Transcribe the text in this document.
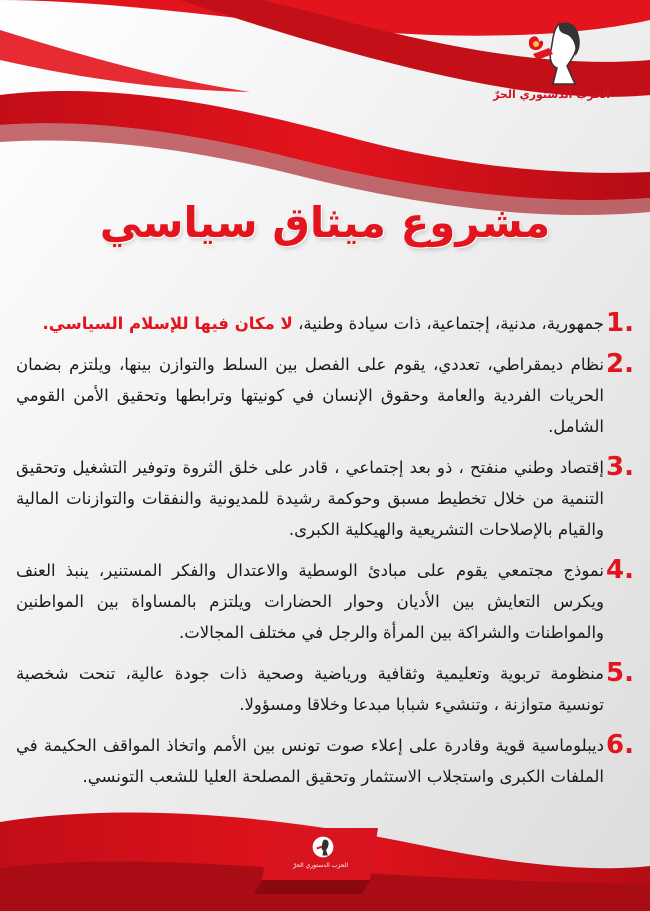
الحزب الدستوري الحرّ
مشروع ميثاق سياسي
1.
جمهورية، مدنية، إجتماعية، ذات سيادة وطنية، لا مكان فيها للإسلام السياسي.
2.
نظام ديمقراطي، تعددي، يقوم على الفصل بين السلط والتوازن بينها، ويلتزم بضمان الحريات الفردية والعامة وحقوق الإنسان في كونيتها وترابطها وتحقيق الأمن القومي الشامل.
3.
إقتصاد وطني منفتح ، ذو بعد إجتماعي ، قادر على خلق الثروة وتوفير التشغيل وتحقيق التنمية من خلال تخطيط مسبق وحوكمة رشيدة للمديونية والنفقات والتوازنات المالية والقيام بالإصلاحات التشريعية والهيكلية الكبرى.
4.
نموذج مجتمعي يقوم على مبادئ الوسطية والاعتدال والفكر المستنير، ينبذ العنف ويكرس التعايش بين الأديان وحوار الحضارات ويلتزم بالمساواة بين المواطنين والمواطنات والشراكة بين المرأة والرجل في مختلف المجالات.
5.
منظومة تربوية وتعليمية وثقافية ورياضية وصحية ذات جودة عالية، تنحت شخصية تونسية متوازنة ، وتنشيء شبابا مبدعا وخلاقا ومسؤولا.
6.
ديبلوماسية قوية وقادرة على إعلاء صوت تونس بين الأمم واتخاذ المواقف الحكيمة في الملفات الكبرى واستجلاب الاستثمار وتحقيق المصلحة العليا للشعب التونسي.
الحزب الدستوري الحرّ
